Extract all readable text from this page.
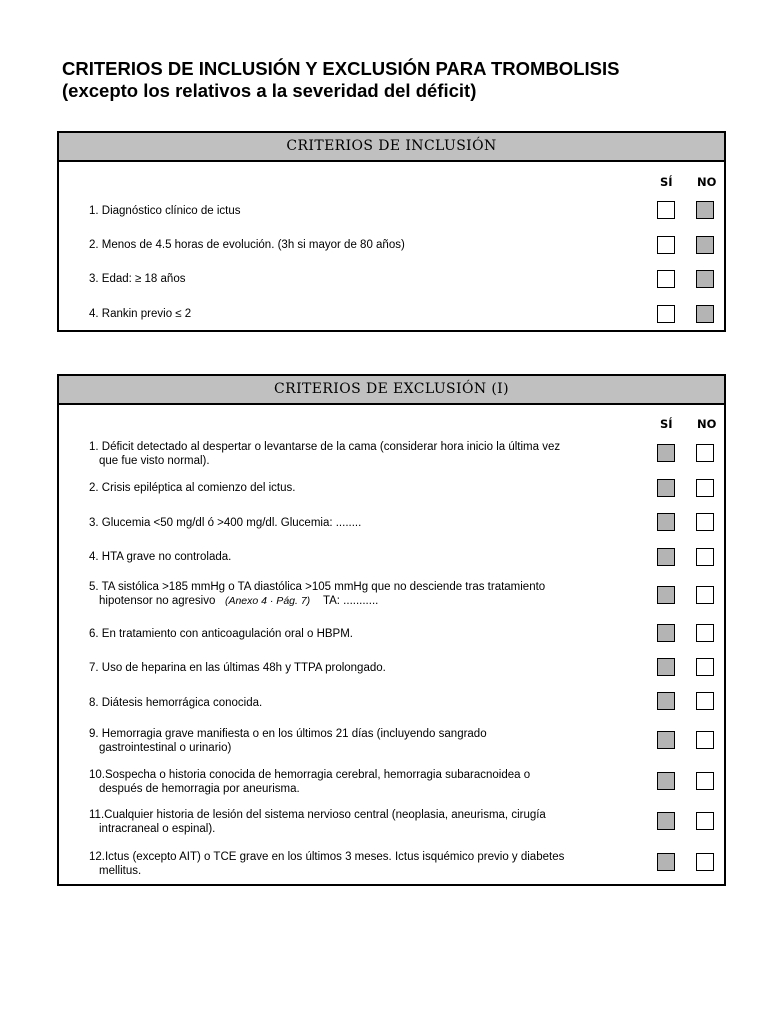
CRITERIOS DE INCLUSIÓN Y EXCLUSIÓN PARA TROMBOLISIS
(excepto los relativos a la severidad del déficit)
CRITERIOS DE INCLUSIÓN
SÍ NO
1. Diagnóstico clínico de ictus
2. Menos de 4.5 horas de evolución. (3h si mayor de 80 años)
3. Edad: ≥ 18 años
4. Rankin previo ≤ 2
CRITERIOS DE EXCLUSIÓN (I)
SÍ NO
1. Déficit detectado al despertar o levantarse de la cama (considerar hora inicio la última vez
que fue visto normal).
2. Crisis epiléptica al comienzo del ictus.
3. Glucemia <50 mg/dl ó >400 mg/dl. Glucemia: ........
4. HTA grave no controlada.
5. TA sistólica >185 mmHg o TA diastólica >105 mmHg que no desciende tras tratamiento
hipotensor no agresivo (Anexo 4 · Pág. 7) TA: ...........
6. En tratamiento con anticoagulación oral o HBPM.
7. Uso de heparina en las últimas 48h y TTPA prolongado.
8. Diátesis hemorrágica conocida.
9. Hemorragia grave manifiesta o en los últimos 21 días (incluyendo sangrado
gastrointestinal o urinario)
10.Sospecha o historia conocida de hemorragia cerebral, hemorragia subaracnoidea o
después de hemorragia por aneurisma.
11.Cualquier historia de lesión del sistema nervioso central (neoplasia, aneurisma, cirugía
intracraneal o espinal).
12.Ictus (excepto AIT) o TCE grave en los últimos 3 meses. Ictus isquémico previo y diabetes
mellitus.
